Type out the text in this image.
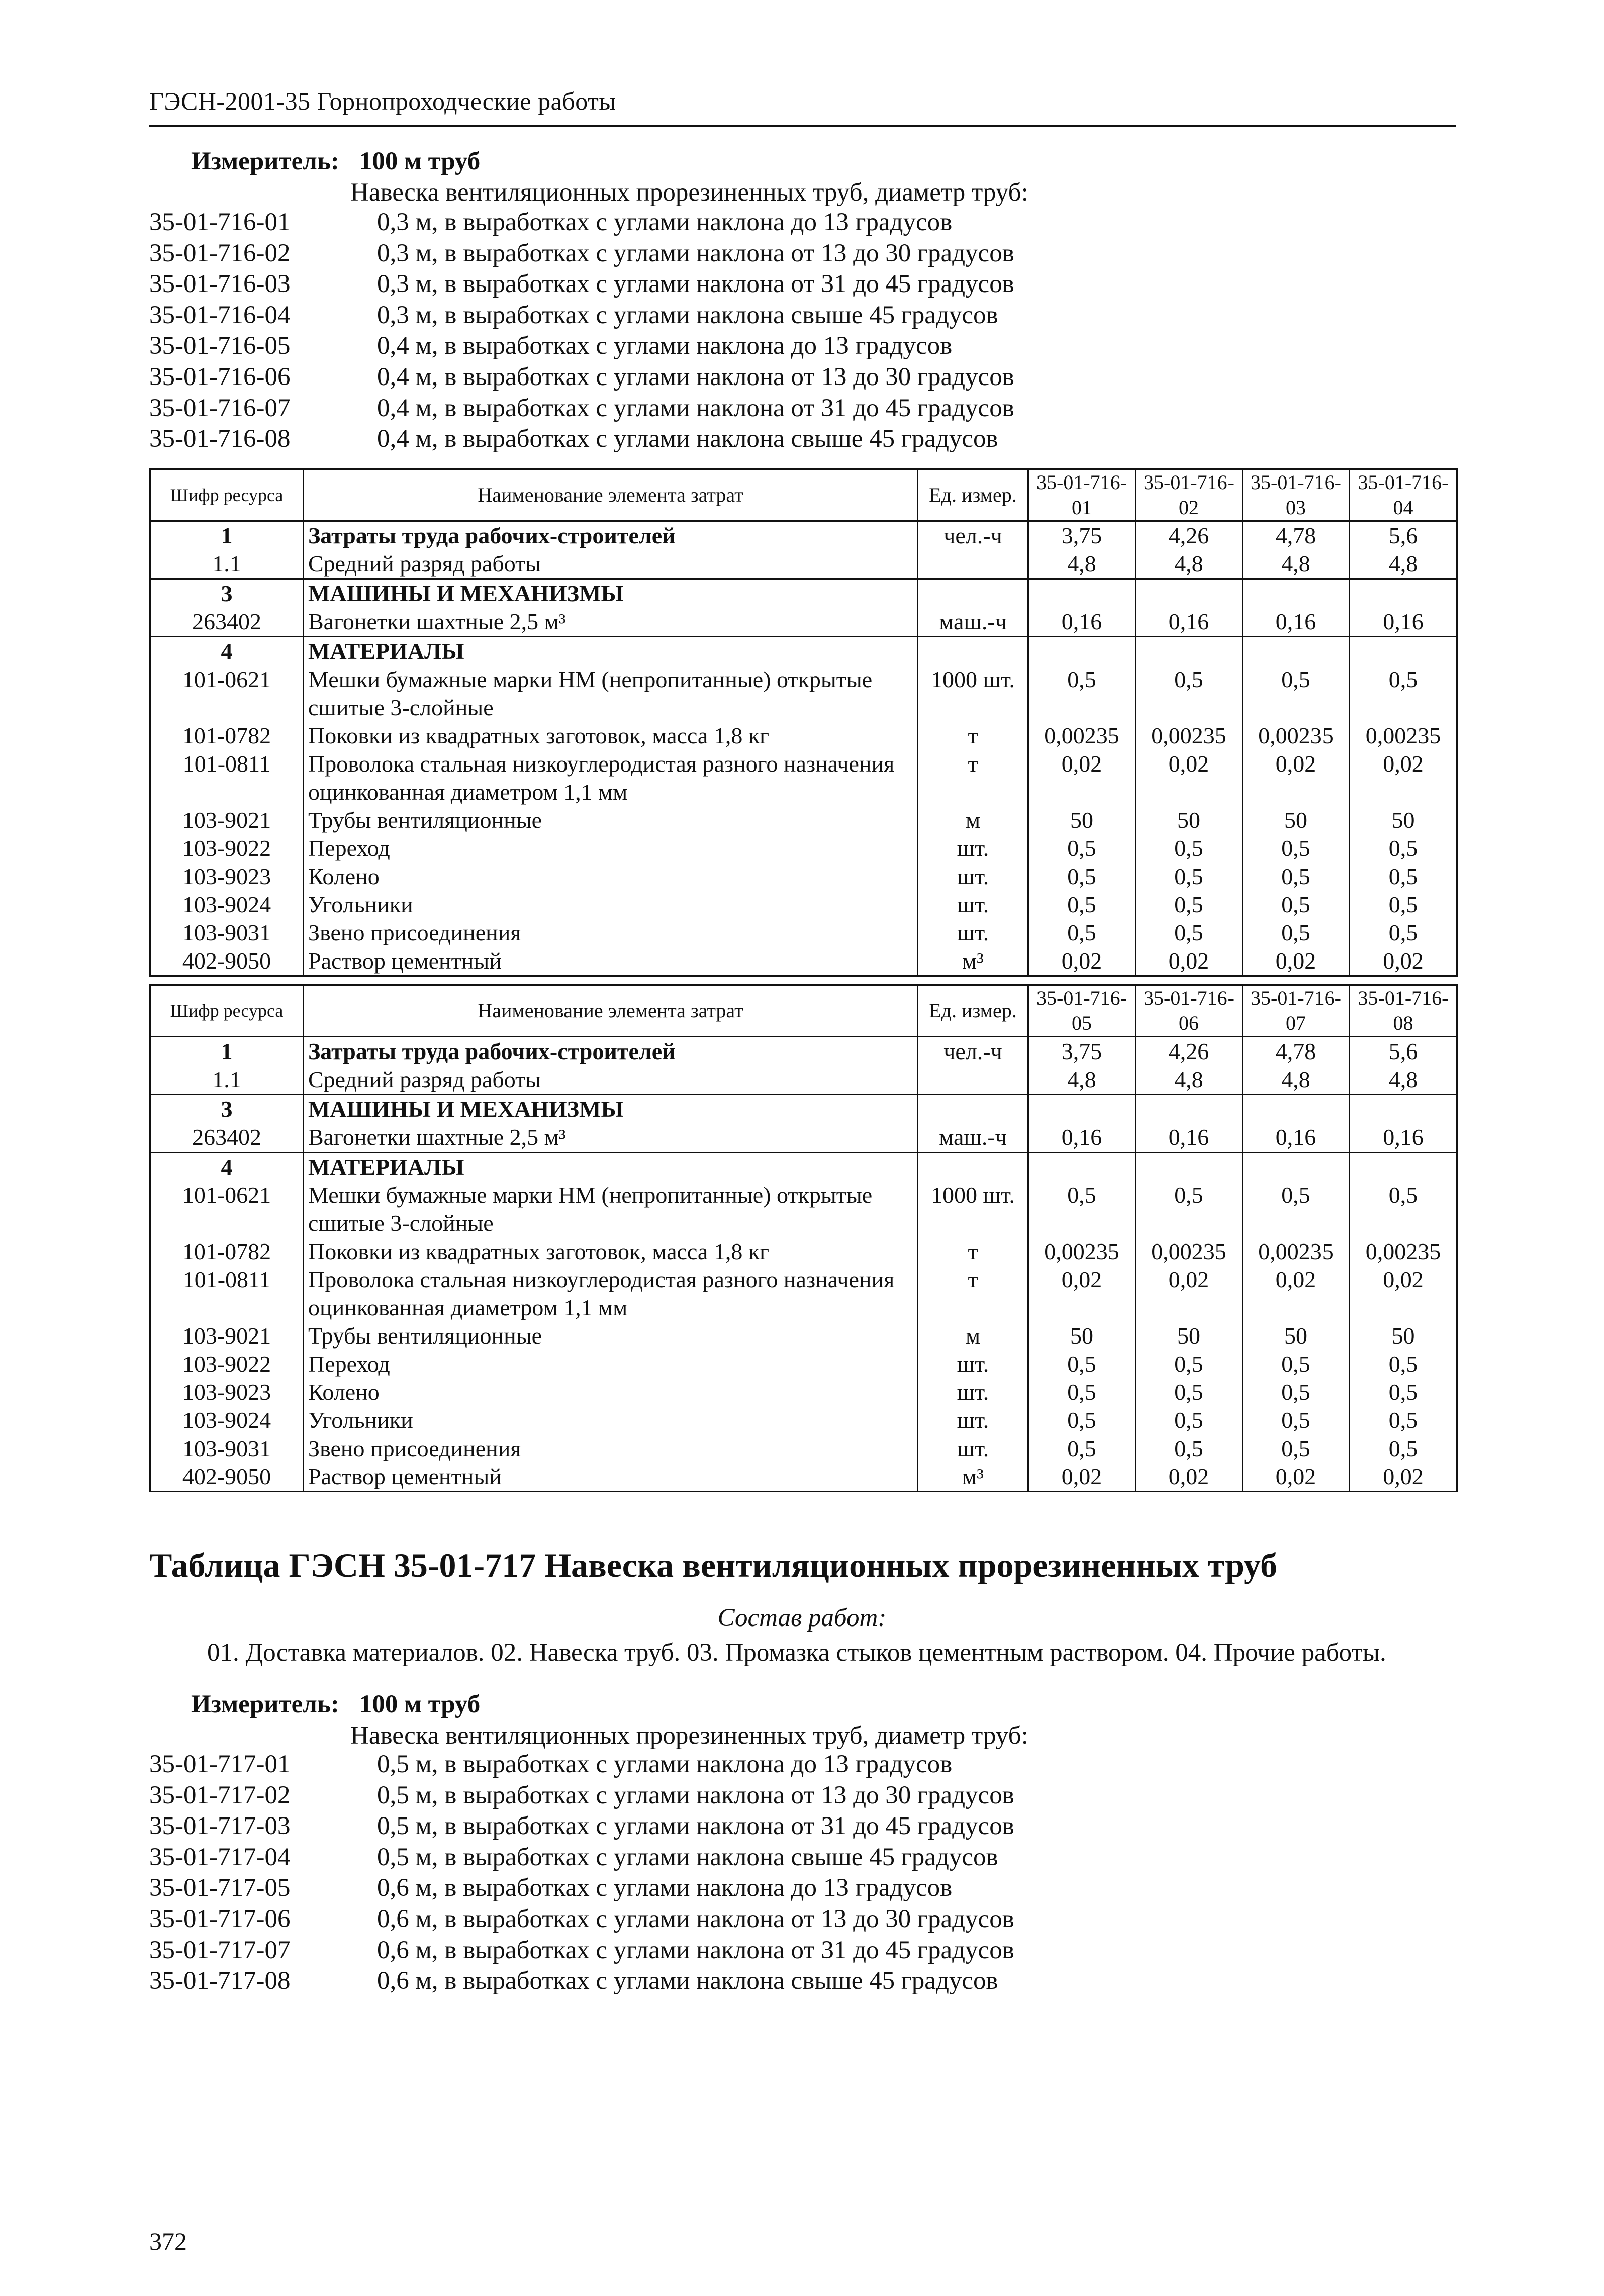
ГЭСН-2001-35 Горнопроходческие работы
Измеритель: 100 м труб
Навеска вентиляционных прорезиненных труб, диаметр труб:
35-01-716-01	0,3 м, в выработках с углами наклона до 13 градусов
35-01-716-02	0,3 м, в выработках с углами наклона от 13 до 30 градусов
35-01-716-03	0,3 м, в выработках с углами наклона от 31 до 45 градусов
35-01-716-04	0,3 м, в выработках с углами наклона свыше 45 градусов
35-01-716-05	0,4 м, в выработках с углами наклона до 13 градусов
35-01-716-06	0,4 м, в выработках с углами наклона от 13 до 30 градусов
35-01-716-07	0,4 м, в выработках с углами наклона от 31 до 45 градусов
35-01-716-08	0,4 м, в выработках с углами наклона свыше 45 градусов
Шифр ресурса	Наименование элемента затрат	Ед. измер.	35-01-716-01	35-01-716-02	35-01-716-03	35-01-716-04
1	Затраты труда рабочих-строителей	чел.-ч	3,75	4,26	4,78	5,6
1.1	Средний разряд работы		4,8	4,8	4,8	4,8
3	МАШИНЫ И МЕХАНИЗМЫ					
263402	Вагонетки шахтные 2,5 м³	маш.-ч	0,16	0,16	0,16	0,16
4	МАТЕРИАЛЫ					
101-0621	Мешки бумажные марки НМ (непропитанные) открытые сшитые 3-слойные	1000 шт.	0,5	0,5	0,5	0,5
101-0782	Поковки из квадратных заготовок, масса 1,8 кг	т	0,00235	0,00235	0,00235	0,00235
101-0811	Проволока стальная низкоуглеродистая разного назначения оцинкованная диаметром 1,1 мм	т	0,02	0,02	0,02	0,02
103-9021	Трубы вентиляционные	м	50	50	50	50
103-9022	Переход	шт.	0,5	0,5	0,5	0,5
103-9023	Колено	шт.	0,5	0,5	0,5	0,5
103-9024	Угольники	шт.	0,5	0,5	0,5	0,5
103-9031	Звено присоединения	шт.	0,5	0,5	0,5	0,5
402-9050	Раствор цементный	м³	0,02	0,02	0,02	0,02
Шифр ресурса	Наименование элемента затрат	Ед. измер.	35-01-716-05	35-01-716-06	35-01-716-07	35-01-716-08
1	Затраты труда рабочих-строителей	чел.-ч	3,75	4,26	4,78	5,6
1.1	Средний разряд работы		4,8	4,8	4,8	4,8
3	МАШИНЫ И МЕХАНИЗМЫ					
263402	Вагонетки шахтные 2,5 м³	маш.-ч	0,16	0,16	0,16	0,16
4	МАТЕРИАЛЫ					
101-0621	Мешки бумажные марки НМ (непропитанные) открытые сшитые 3-слойные	1000 шт.	0,5	0,5	0,5	0,5
101-0782	Поковки из квадратных заготовок, масса 1,8 кг	т	0,00235	0,00235	0,00235	0,00235
101-0811	Проволока стальная низкоуглеродистая разного назначения оцинкованная диаметром 1,1 мм	т	0,02	0,02	0,02	0,02
103-9021	Трубы вентиляционные	м	50	50	50	50
103-9022	Переход	шт.	0,5	0,5	0,5	0,5
103-9023	Колено	шт.	0,5	0,5	0,5	0,5
103-9024	Угольники	шт.	0,5	0,5	0,5	0,5
103-9031	Звено присоединения	шт.	0,5	0,5	0,5	0,5
402-9050	Раствор цементный	м³	0,02	0,02	0,02	0,02
Таблица ГЭСН 35-01-717 Навеска вентиляционных прорезиненных труб
Состав работ:
01. Доставка материалов. 02. Навеска труб. 03. Промазка стыков цементным раствором. 04. Прочие работы.
Измеритель: 100 м труб
Навеска вентиляционных прорезиненных труб, диаметр труб:
35-01-717-01	0,5 м, в выработках с углами наклона до 13 градусов
35-01-717-02	0,5 м, в выработках с углами наклона от 13 до 30 градусов
35-01-717-03	0,5 м, в выработках с углами наклона от 31 до 45 градусов
35-01-717-04	0,5 м, в выработках с углами наклона свыше 45 градусов
35-01-717-05	0,6 м, в выработках с углами наклона до 13 градусов
35-01-717-06	0,6 м, в выработках с углами наклона от 13 до 30 градусов
35-01-717-07	0,6 м, в выработках с углами наклона от 31 до 45 градусов
35-01-717-08	0,6 м, в выработках с углами наклона свыше 45 градусов
372
